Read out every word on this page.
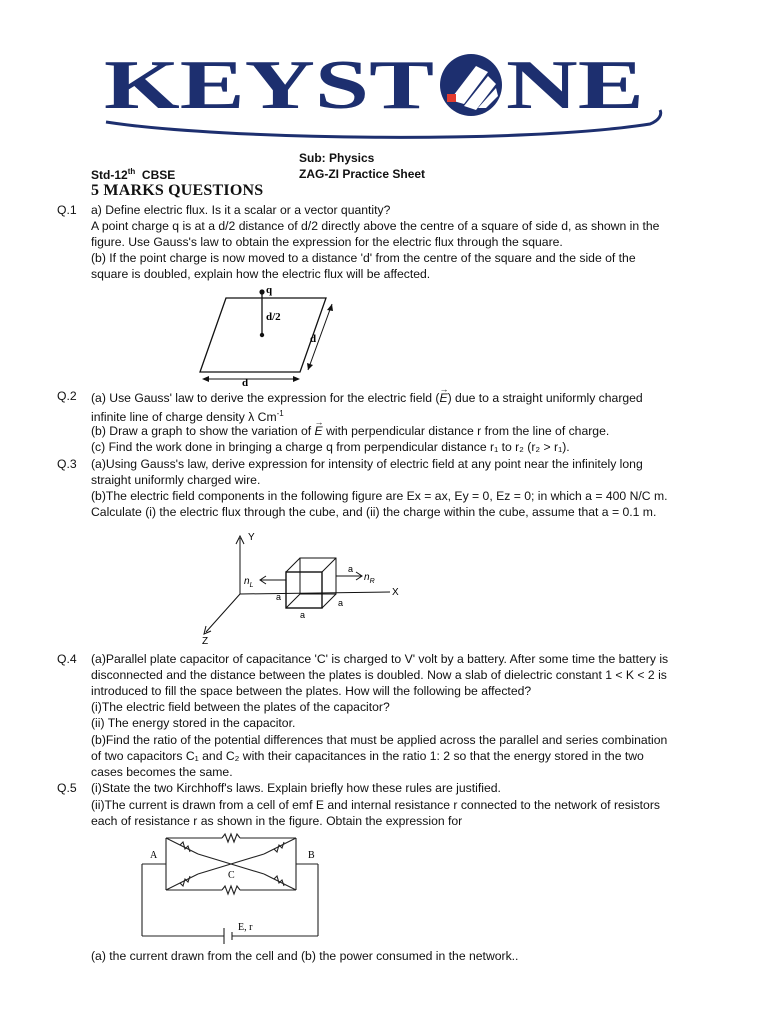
KEYST NE
Sub: Physics
Std-12th CBSE	ZAG-ZI Practice Sheet
5 MARKS QUESTIONS
Q.1 a) Define electric flux. Is it a scalar or a vector quantity?
A point charge q is at a d/2 distance of d/2 directly above the centre of a square of side d, as shown in the
figure. Use Gauss's law to obtain the expression for the electric flux through the square.
(b) If the point charge is now moved to a distance 'd' from the centre of the square and the side of the
square is doubled, explain how the electric flux will be affected.
q
d/2
d
d
Q.2 (a) Use Gauss' law to derive the expression for the electric field (→ E) due to a straight uniformly charged
infinite line of charge density λ $Cm^{-1}$
(b) Draw a graph to show the variation of → E with perpendicular distance r from the line of charge.
(c) Find the work done in bringing a charge q from perpendicular distance r₁ to r₂ (r₂ > r₁).
Q.3 (a)Using Gauss's law, derive expression for intensity of electric field at any point near the infinitely long
straight uniformly charged wire.
(b)The electric field components in the following figure are Ex = ax, Ey = 0, Ez = 0; in which a = 400 N/C m.
Calculate (i) the electric flux through the cube, and (ii) the charge within the cube, assume that a = 0.1 m.
Y
X
Z
$n_L$
a
$n_R$
a
a
a
Q.4 (a)Parallel plate capacitor of capacitance 'C' is charged to V' volt by a battery. After some time the battery is
disconnected and the distance between the plates is doubled. Now a slab of dielectric constant 1 < K < 2 is
introduced to fill the space between the plates. How will the following be affected?
(i)The electric field between the plates of the capacitor?
(ii) The energy stored in the capacitor.
(b)Find the ratio of the potential differences that must be applied across the parallel and series combination
of two capacitors C₁ and C₂ with their capacitances in the ratio 1: 2 so that the energy stored in the two
cases becomes the same.
Q.5 (i)State the two Kirchhoff's laws. Explain briefly how these rules are justified.
(ii)The current is drawn from a cell of emf E and internal resistance r connected to the network of resistors
each of resistance r as shown in the figure. Obtain the expression for
A	B
C
E, r
(a) the current drawn from the cell and (b) the power consumed in the network..
